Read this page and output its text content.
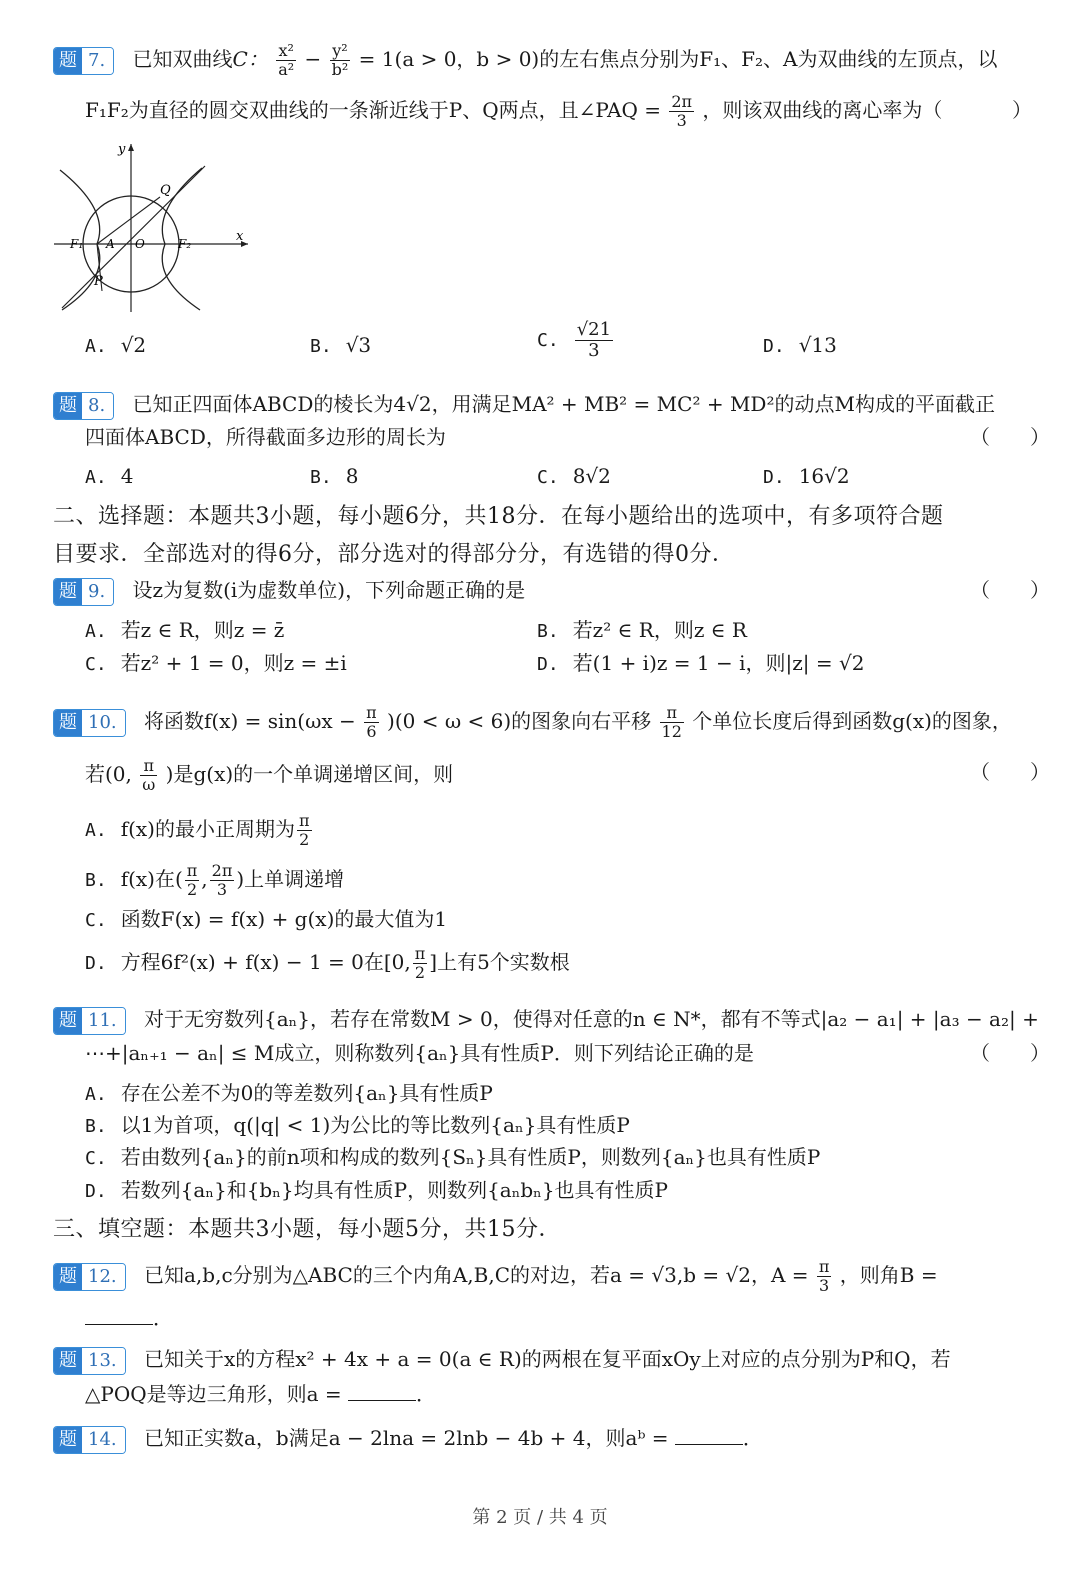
题 7. 已知双曲线C： $\frac{\text{x²}}{\text{a²}} - \frac{\text{y²}}{\text{b²}} = 1(a > 0$，b > 0)的左右焦点分别为F₁、F₂、A为双曲线的左顶点，以
F₁F₂为直径的圆交双曲线的一条渐近线于P、Q两点，且∠PAQ = $\frac{2\pi}{3}$ ，则该双曲线的离心率为（	）
y
x
Q
F₁ A O	F₂
P
A. √2	B. √3	C. $\frac{√21}{3}$	D. √13
题 8. 已知正四面体ABCD的棱长为4√2，用满足MA² + MB² = MC² + MD²的动点M构成的平面截正
四面体ABCD，所得截面多边形的周长为	（　　）
A. 4	B. 8	C. 8√2	D. 16√2
二、选择题：本题共3小题，每小题6分，共18分．在每小题给出的选项中，有多项符合题
目要求．全部选对的得6分，部分选对的得部分分，有选错的得0分．
题 9. 设z为复数(i为虚数单位)，下列命题正确的是	（　　）
A. 若z ∈ R，则z = z̄	B. 若z² ∈ R，则z ∈ R
C. 若z² + 1 = 0，则z = ±i	D. 若(1 + i)z = 1 − i，则|z| = √2
题 10. 将函数$f(x) = \sin(\omega x - \frac{\pi}{6} )(0 < \omega < 6)$的图象向右平移 $\frac{\pi}{12}$ 个单位长度后得到函数g(x)的图象，
若(0, $\frac{\pi}{\omega}$ )是g(x)的一个单调递增区间，则	（　　）
A. f(x)的最小正周期为 $\frac{\pi}{2}$
B. f(x)在( $\frac{\pi}{2}$ , $\frac{2\pi}{3}$ )上单调递增
C. 函数F(x) = f(x) + g(x)的最大值为1
D. 方程6f²(x) + f(x) − 1 = 0在[0, $\frac{\pi}{2}$ ]上有5个实数根
题 11. 对于无穷数列{aₙ}，若存在常数M > 0，使得对任意的n ∈ N*，都有不等式|a₂ − a₁| + |a₃ − a₂| +
⋯+|aₙ₊₁ − aₙ| ≤ M成立，则称数列{aₙ}具有性质P．则下列结论正确的是	（　　）
A. 存在公差不为0的等差数列{aₙ}具有性质P
B. 以1为首项，q(|q| < 1)为公比的等比数列{aₙ}具有性质P
C. 若由数列{aₙ}的前n项和构成的数列{Sₙ}具有性质P，则数列{aₙ}也具有性质P
D. 若数列{aₙ}和{bₙ}均具有性质P，则数列{aₙbₙ}也具有性质P
三、填空题：本题共3小题，每小题5分，共15分．
题 12. 已知a,b,c分别为△ABC的三个内角A,B,C的对边，若a = √3,b = √2，$A = \frac{\pi}{3}$ ，则角B =
．
题 13. 已知关于x的方程x² + 4x + a = 0(a ∈ R)的两根在复平面xOy上对应的点分别为P和Q，若
△POQ是等边三角形，则a =	．
题 14. 已知正实数a，b满足a − 2lna = 2lnb − 4b + 4，则aᵇ =	．
第 2 页 / 共 4 页
